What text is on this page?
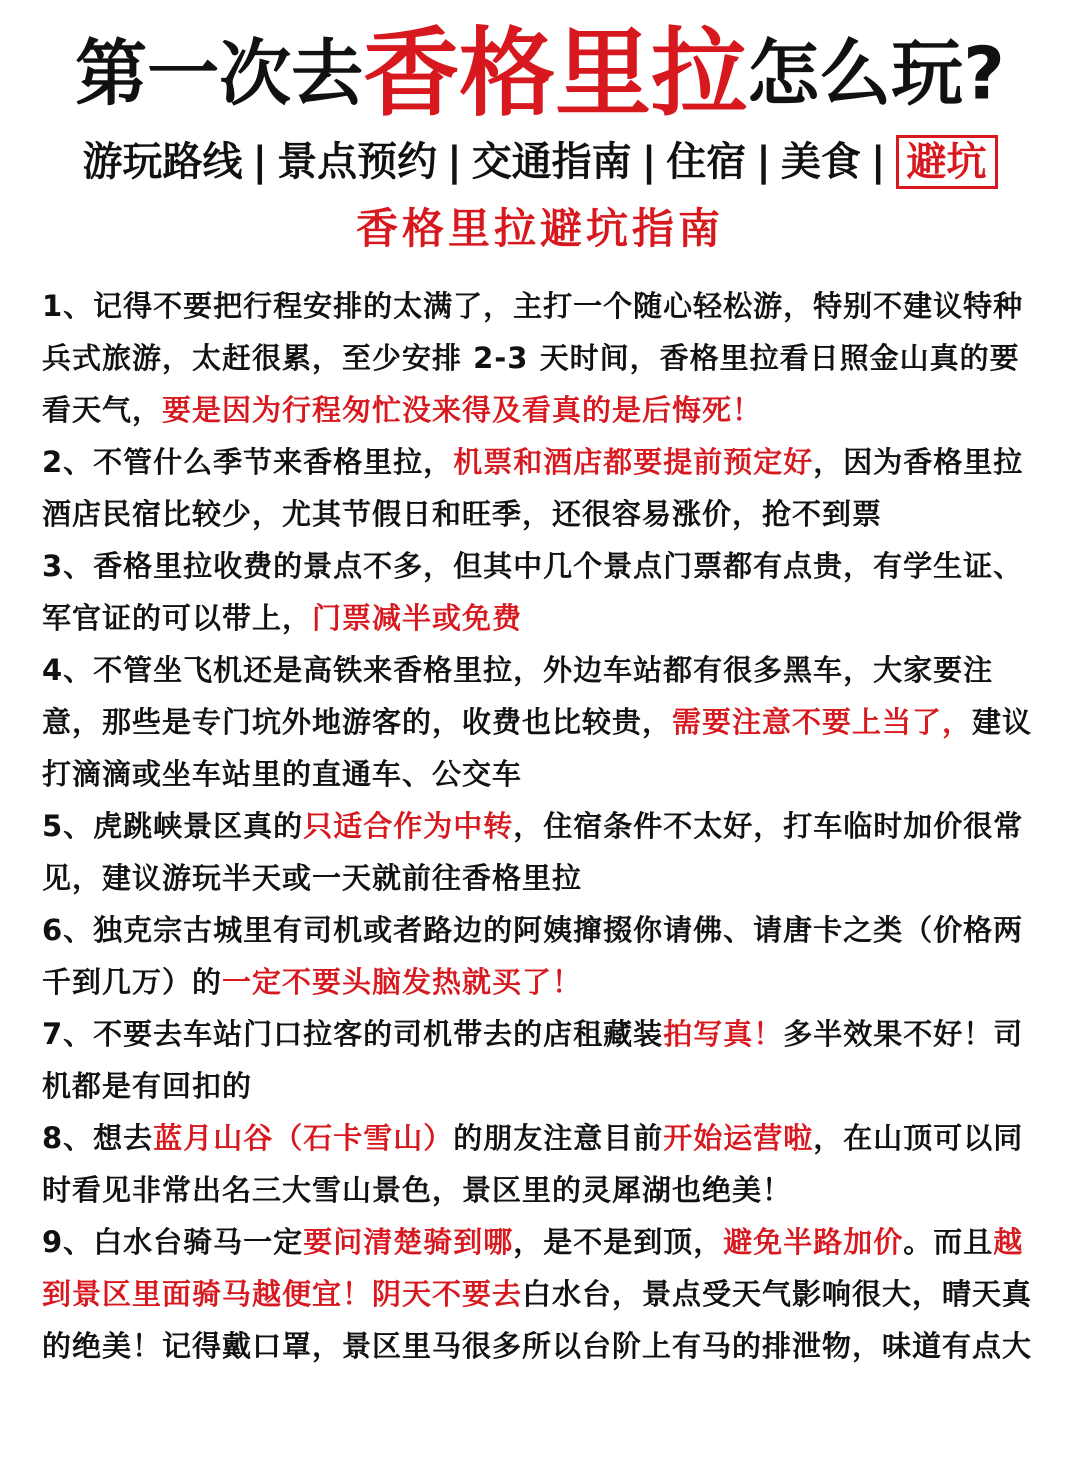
第一次去香格里拉怎么玩?
游玩路线 | 景点预约 | 交通指南 | 住宿 | 美食 | 避坑
香格里拉避坑指南

1、记得不要把行程安排的太满了，主打一个随心轻松游，特别不建议特种兵式旅游，太赶很累，至少安排 2-3 天时间，香格里拉看日照金山真的要看天气，要是因为行程匆忙没来得及看真的是后悔死！

2、不管什么季节来香格里拉，机票和酒店都要提前预定好，因为香格里拉酒店民宿比较少，尤其节假日和旺季，还很容易涨价，抢不到票

3、香格里拉收费的景点不多，但其中几个景点门票都有点贵，有学生证、军官证的可以带上，门票减半或免费

4、不管坐飞机还是高铁来香格里拉，外边车站都有很多黑车，大家要注意，那些是专门坑外地游客的，收费也比较贵，需要注意不要上当了，建议打滴滴或坐车站里的直通车、公交车

5、虎跳峡景区真的只适合作为中转，住宿条件不太好，打车临时加价很常见，建议游玩半天或一天就前往香格里拉

6、独克宗古城里有司机或者路边的阿姨撺掇你请佛、请唐卡之类（价格两千到几万）的一定不要头脑发热就买了！

7、不要去车站门口拉客的司机带去的店租藏装拍写真！多半效果不好！司机都是有回扣的

8、想去蓝月山谷（石卡雪山）的朋友注意目前开始运营啦，在山顶可以同时看见非常出名三大雪山景色，景区里的灵犀湖也绝美！

9、白水台骑马一定要问清楚骑到哪，是不是到顶，避免半路加价。而且越到景区里面骑马越便宜！阴天不要去白水台，景点受天气影响很大，晴天真的绝美！记得戴口罩，景区里马很多所以台阶上有马的排泄物，味道有点大
